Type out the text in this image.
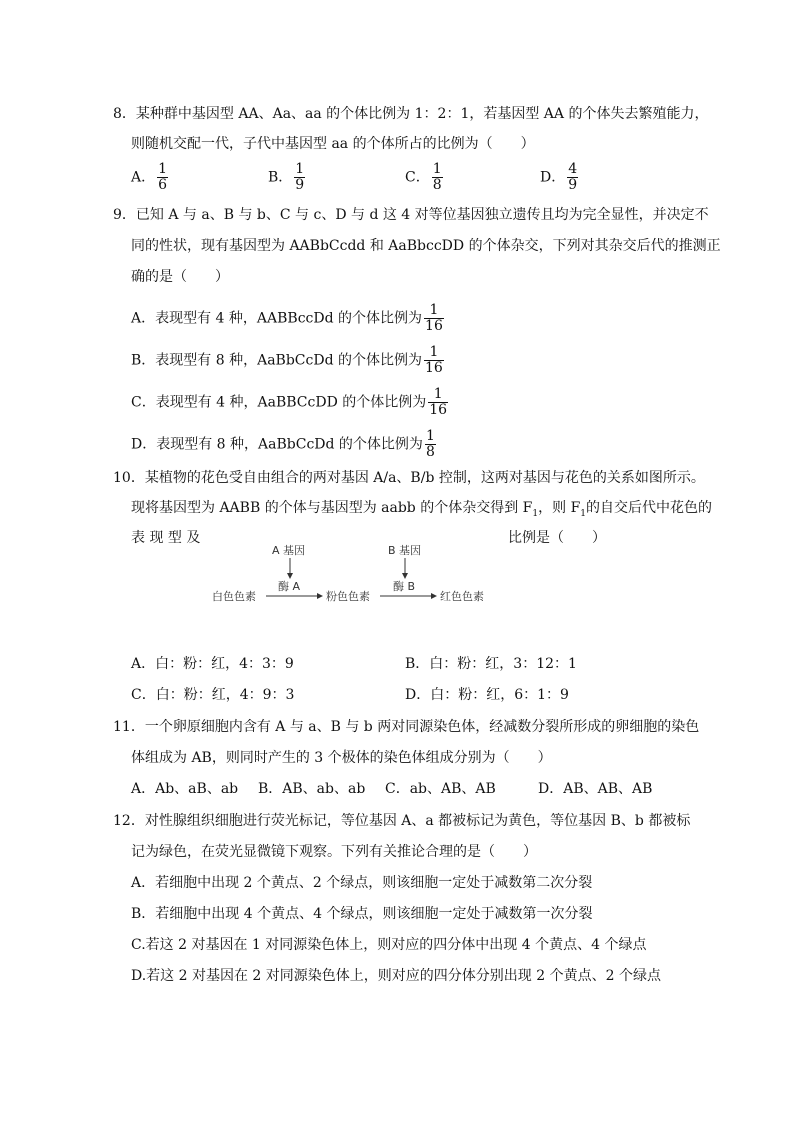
8．某种群中基因型 AA、Aa、aa 的个体比例为 1：2：1，若基因型 AA 的个体失去繁殖能力，
则随机交配一代，子代中基因型 aa 的个体所占的比例为（　　）
A． $\frac{1}{6}$	B． $\frac{1}{9}$	C． $\frac{1}{8}$	D． $\frac{4}{9}$
9．已知 A 与 a、B 与 b、C 与 c、D 与 d 这 4 对等位基因独立遗传且均为完全显性，并决定不
同的性状，现有基因型为 AABbCcdd 和 AaBbccDD 的个体杂交，下列对其杂交后代的推测正
确的是（　　）
A．表现型有 4 种，AABBccDd 的个体比例为 $\frac{1}{16}$
B．表现型有 8 种，AaBbCcDd 的个体比例为 $\frac{1}{16}$
C．表现型有 4 种，AaBBCcDD 的个体比例为 $\frac{1}{16}$
D．表现型有 8 种，AaBbCcDd 的个体比例为 $\frac{1}{8}$
10．某植物的花色受自由组合的两对基因 A/a、B/b 控制，这两对基因与花色的关系如图所示。
现将基因型为 AABB 的个体与基因型为 aabb 的个体杂交得到 $F_1$，则 $F_1$的自交后代中花色的
表 现 型 及	比例是（　　）
A 基因	B 基因
酶 A	酶 B
白色色素	粉色色素	红色色素
A．白：粉：红，4：3：9	B．白：粉：红，3：12：1
C．白：粉：红，4：9：3	D．白：粉：红，6：1：9
11．一个卵原细胞内含有 A 与 a、B 与 b 两对同源染色体，经减数分裂所形成的卵细胞的染色
体组成为 AB，则同时产生的 3 个极体的染色体组成分别为（　　）
A．Ab、aB、ab B．AB、ab、ab C．ab、AB、AB	D．AB、AB、AB
12．对性腺组织细胞进行荧光标记，等位基因 A、a 都被标记为黄色，等位基因 B、b 都被标
记为绿色，在荧光显微镜下观察。下列有关推论合理的是（　　）
A．若细胞中出现 2 个黄点、2 个绿点，则该细胞一定处于减数第二次分裂
B．若细胞中出现 4 个黄点、4 个绿点，则该细胞一定处于减数第一次分裂
C.若这 2 对基因在 1 对同源染色体上，则对应的四分体中出现 4 个黄点、4 个绿点
D.若这 2 对基因在 2 对同源染色体上，则对应的四分体分别出现 2 个黄点、2 个绿点
